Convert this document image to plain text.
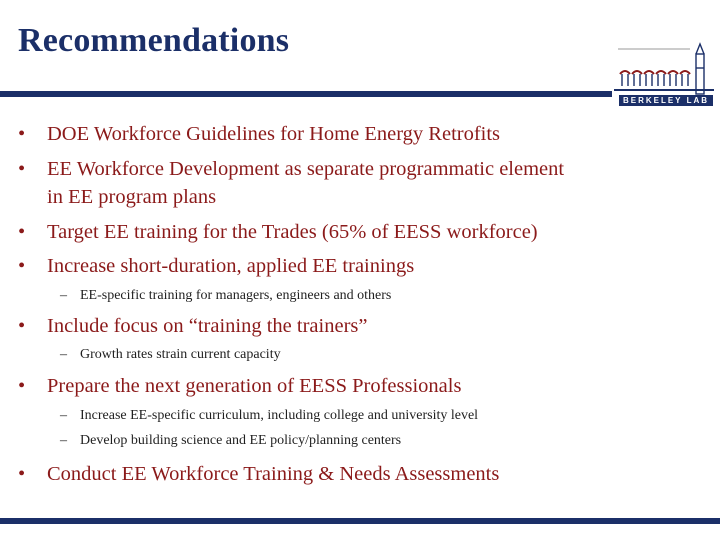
Recommendations
BERKELEY LAB
•	DOE Workforce Guidelines for Home Energy Retrofits
•	EE Workforce Development as separate programmatic element
in EE program plans
•	Target EE training for the Trades (65% of EESS workforce)
•	Increase short-duration, applied EE trainings
– EE-specific training for managers, engineers and others
•	Include focus on “training the trainers”
– Growth rates strain current capacity
•	Prepare the next generation of EESS Professionals
– Increase EE-specific curriculum, including college and university level
– Develop building science and EE policy/planning centers
•	Conduct EE Workforce Training & Needs Assessments
